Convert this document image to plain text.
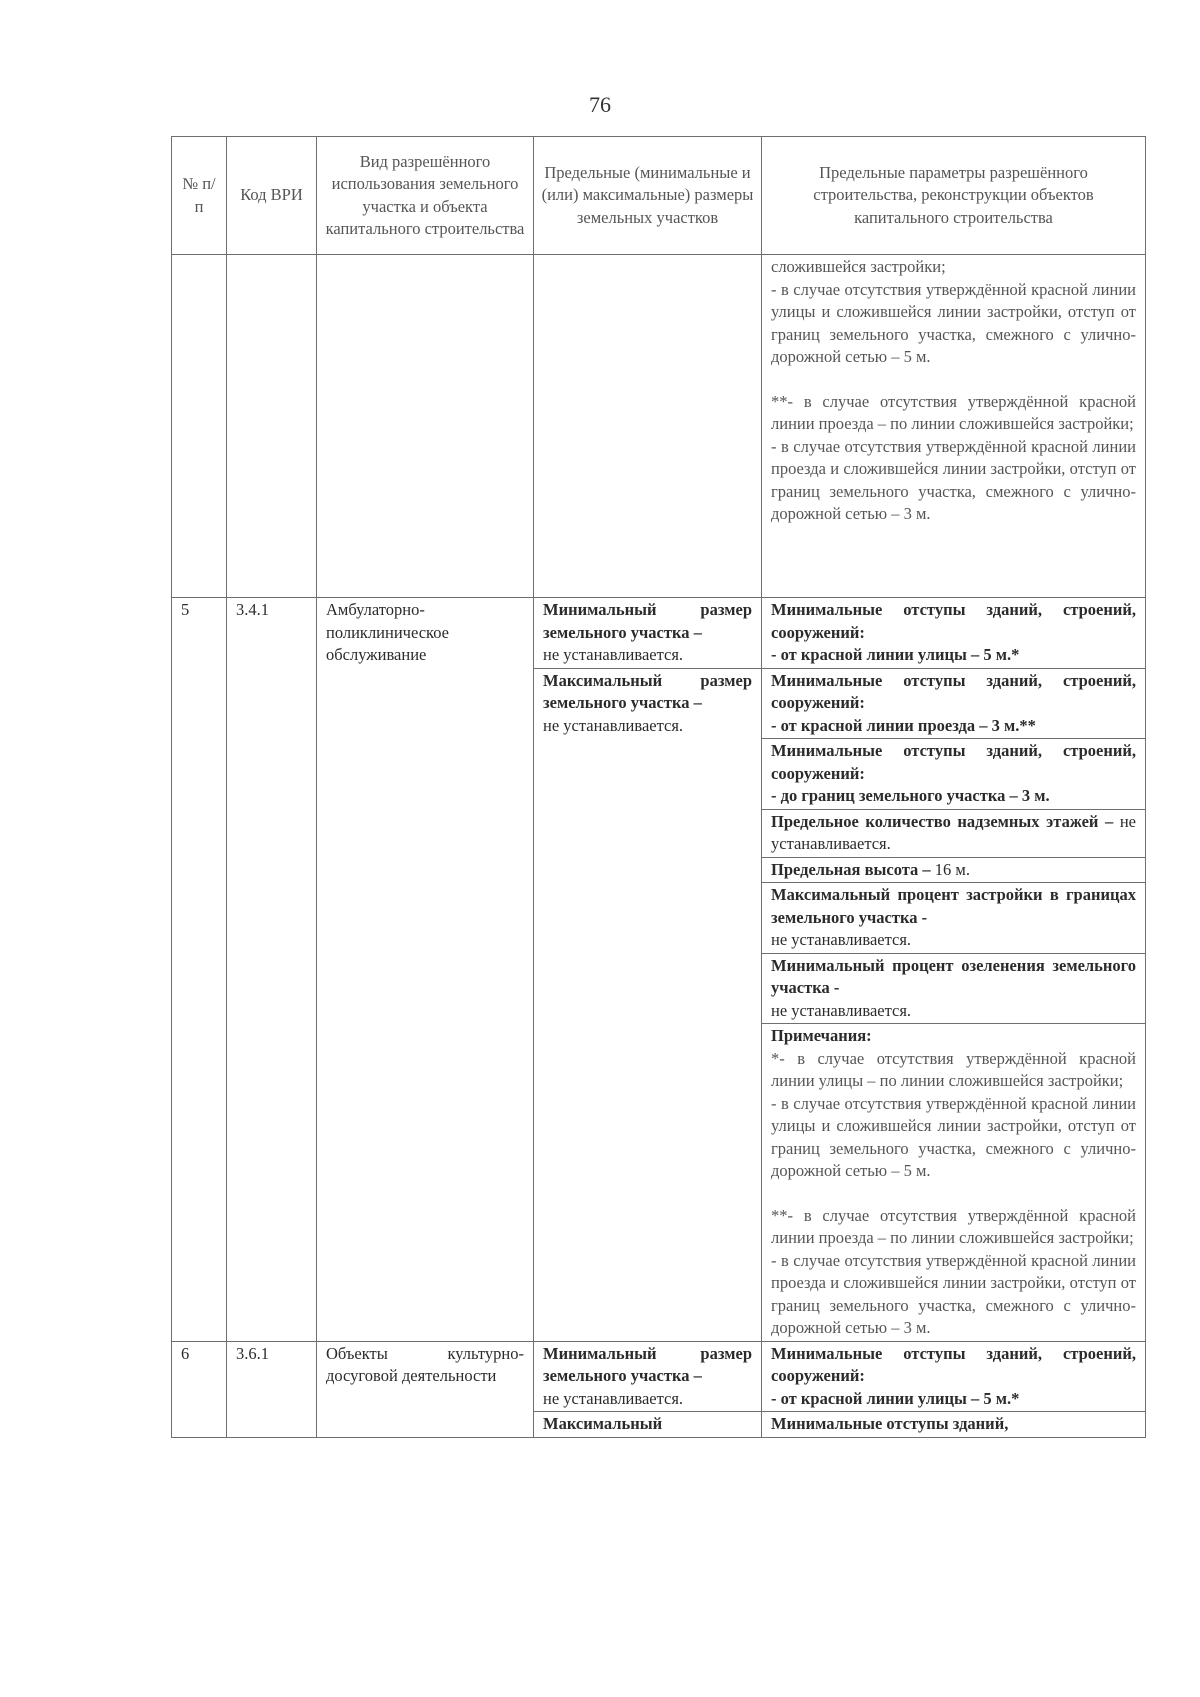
76
№ п/п	Код ВРИ	Вид разрешённого использования земельного участка и объекта капитального строительства	Предельные (минимальные и (или) максимальные) размеры земельных участков	Предельные параметры разрешённого строительства, реконструкции объектов капитального строительства

				сложившейся застройки;
- в случае отсутствия утверждённой красной линии улицы и сложившейся линии застройки, отступ от границ земельного участка, смежного с улично-дорожной сетью – 5 м.
**- в случае отсутствия утверждённой красной линии проезда – по линии сложившейся застройки;
- в случае отсутствия утверждённой красной линии проезда и сложившейся линии застройки, отступ от границ земельного участка, смежного с улично-дорожной сетью – 3 м.

5	3.4.1	Амбулаторно-поликлиническое обслуживание	Минимальный размер земельного участка –
не устанавливается.	Минимальные отступы зданий, строений, сооружений:
- от красной линии улицы – 5 м.*
			Максимальный размер земельного участка –
не устанавливается.	Минимальные отступы зданий, строений, сооружений:
- от красной линии проезда – 3 м.**
				Минимальные отступы зданий, строений, сооружений:
- до границ земельного участка – 3 м.
				Предельное количество надземных этажей – не устанавливается.
				Предельная высота – 16 м.
				Максимальный процент застройки в границах земельного участка -
не устанавливается.
				Минимальный процент озеленения земельного участка -
не устанавливается.

				Примечания:
*- в случае отсутствия утверждённой красной линии улицы – по линии сложившейся застройки;
- в случае отсутствия утверждённой красной линии улицы и сложившейся линии застройки, отступ от границ земельного участка, смежного с улично-дорожной сетью – 5 м.
**- в случае отсутствия утверждённой красной линии проезда – по линии сложившейся застройки;
- в случае отсутствия утверждённой красной линии проезда и сложившейся линии застройки, отступ от границ земельного участка, смежного с улично-дорожной сетью – 3 м.

6	3.6.1	Объекты культурно-досуговой деятельности	Минимальный размер земельного участка –
не устанавливается.	Минимальные отступы зданий, строений, сооружений:
- от красной линии улицы – 5 м.*
			Максимальный	Минимальные отступы зданий,
